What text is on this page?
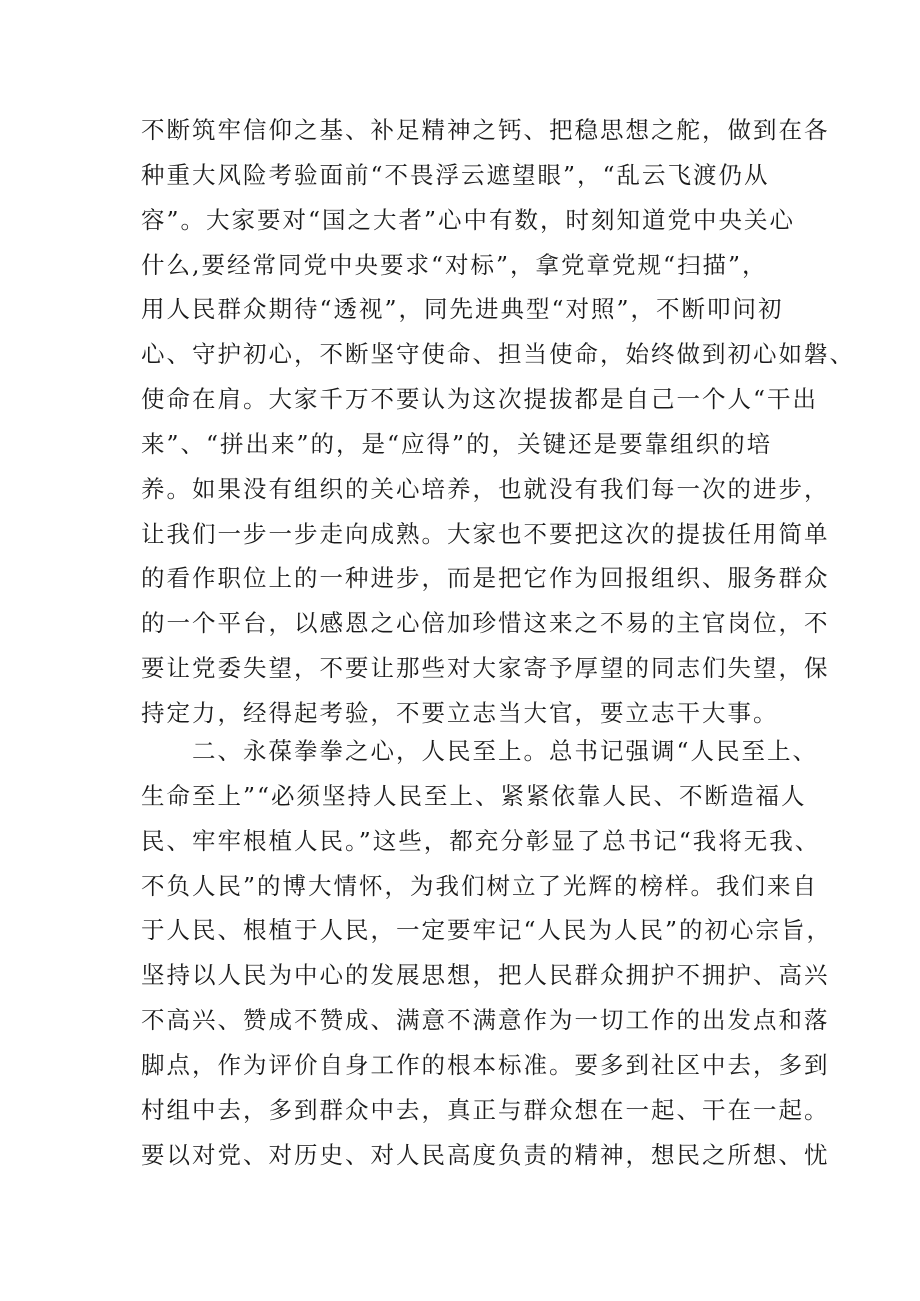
不断筑牢信仰之基、补足精神之钙、把稳思想之舵，做到在各
种重大风险考验面前“不畏浮云遮望眼”，“乱云飞渡仍从
容”。大家要对“国之大者”心中有数，时刻知道党中央关心
什么,要经常同党中央要求“对标”，拿党章党规“扫描”，
用人民群众期待“透视”，同先进典型“对照”，不断叩问初
心、守护初心，不断坚守使命、担当使命，始终做到初心如磐、
使命在肩。大家千万不要认为这次提拔都是自己一个人“干出
来”、“拼出来”的，是“应得”的，关键还是要靠组织的培
养。如果没有组织的关心培养，也就没有我们每一次的进步，
让我们一步一步走向成熟。大家也不要把这次的提拔任用简单
的看作职位上的一种进步，而是把它作为回报组织、服务群众
的一个平台，以感恩之心倍加珍惜这来之不易的主官岗位，不
要让党委失望，不要让那些对大家寄予厚望的同志们失望，保
持定力，经得起考验，不要立志当大官，要立志干大事。
　　二、永葆拳拳之心，人民至上。总书记强调“人民至上、
生命至上”“必须坚持人民至上、紧紧依靠人民、不断造福人
民、牢牢根植人民。”这些，都充分彰显了总书记“我将无我、
不负人民”的博大情怀，为我们树立了光辉的榜样。我们来自
于人民、根植于人民，一定要牢记“人民为人民”的初心宗旨，
坚持以人民为中心的发展思想，把人民群众拥护不拥护、高兴
不高兴、赞成不赞成、满意不满意作为一切工作的出发点和落
脚点，作为评价自身工作的根本标准。要多到社区中去，多到
村组中去，多到群众中去，真正与群众想在一起、干在一起。
要以对党、对历史、对人民高度负责的精神，想民之所想、忧
